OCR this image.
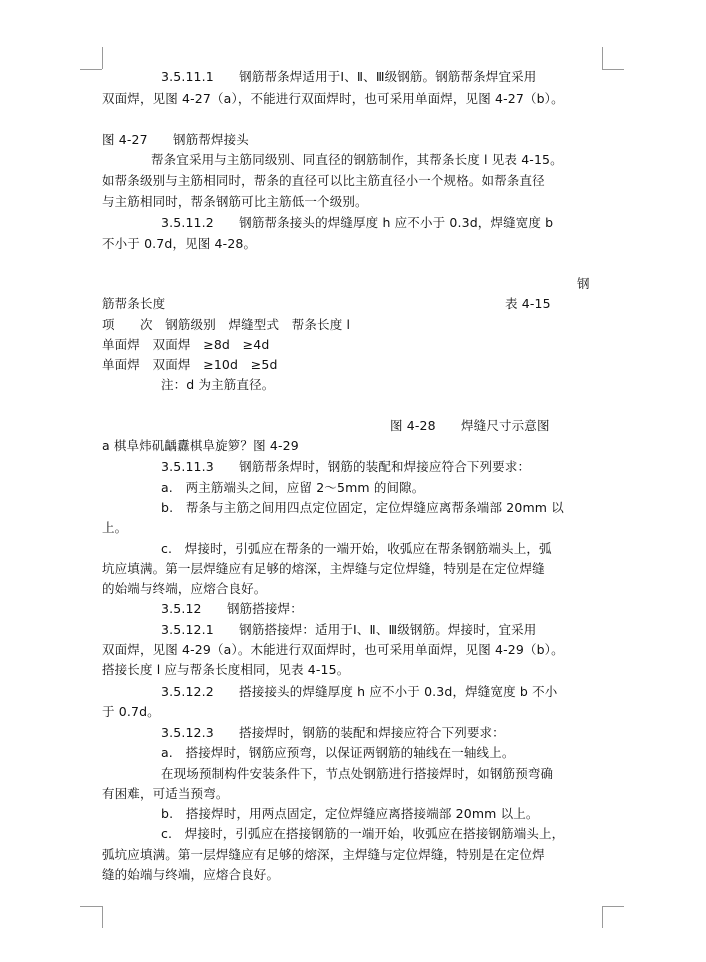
3.5.11.1　　钢筋帮条焊适用于Ⅰ、Ⅱ、Ⅲ级钢筋。钢筋帮条焊宜采用
双面焊，见图 4-27（a），不能进行双面焊时，也可采用单面焊，见图 4-27（b）。
图 4-27　　钢筋帮焊接头
帮条宜采用与主筋同级别、同直径的钢筋制作，其帮条长度 l 见表 4-15。
如帮条级别与主筋相同时，帮条的直径可以比主筋直径小一个规格。如帮条直径
与主筋相同时，帮条钢筋可比主筋低一个级别。
3.5.11.2　　钢筋帮条接头的焊缝厚度 h 应不小于 0.3d，焊缝宽度 b
不小于 0.7d，见图 4-28。
钢
筋帮条长度	表 4-15
项　　次　钢筋级别　焊缝型式　帮条长度 l
单面焊　双面焊　≥8d　≥4d
单面焊　双面焊　≥10d　≥5d
注：d 为主筋直径。
图 4-28　　焊缝尺寸示意图
a 棋阜炜矶齲纛棋阜旋箩？图 4-29
3.5.11.3　　钢筋帮条焊时，钢筋的装配和焊接应符合下列要求：
a.　两主筋端头之间，应留 2～5mm 的间隙。
b.　帮条与主筋之间用四点定位固定，定位焊缝应离帮条端部 20mm 以
上。
c.　焊接时，引弧应在帮条的一端开始，收弧应在帮条钢筋端头上，弧
坑应填满。第一层焊缝应有足够的熔深，主焊缝与定位焊缝，特别是在定位焊缝
的始端与终端，应熔合良好。
3.5.12　　钢筋搭接焊：
3.5.12.1　　钢筋搭接焊：适用于Ⅰ、Ⅱ、Ⅲ级钢筋。焊接时，宜采用
双面焊，见图 4-29（a）。木能进行双面焊时，也可采用单面焊，见图 4-29（b）。
搭接长度 l 应与帮条长度相同，见表 4-15。
3.5.12.2　　搭接接头的焊缝厚度 h 应不小于 0.3d，焊缝宽度 b 不小
于 0.7d。
3.5.12.3　　搭接焊时，钢筋的装配和焊接应符合下列要求：
a.　搭接焊时，钢筋应预弯，以保证两钢筋的轴线在一轴线上。
在现场预制构件安装条件下，节点处钢筋进行搭接焊时，如钢筋预弯确
有困难，可适当预弯。
b.　搭接焊时，用两点固定，定位焊缝应离搭接端部 20mm 以上。
c.　焊接时，引弧应在搭接钢筋的一端开始，收弧应在搭接钢筋端头上，
弧坑应填满。第一层焊缝应有足够的熔深，主焊缝与定位焊缝，特别是在定位焊
缝的始端与终端，应熔合良好。
